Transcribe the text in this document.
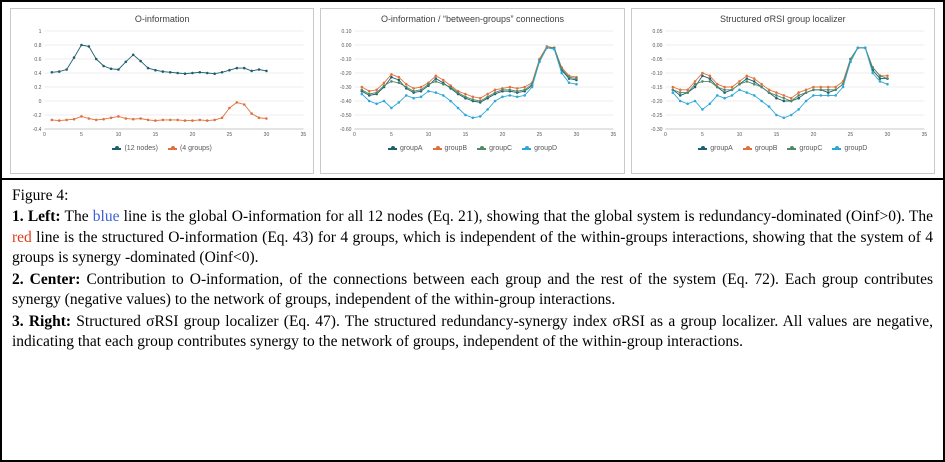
O-information
-0.4
-0.2
0
0.2
0.4
0.6
0.8
1
0	5	10	15	20	25	30	35
(12 nodes)	(4 groups)
O-information / “between-groups” connections
-0.60
-0.50
-0.40
-0.30
-0.20
-0.10
0.00
0.10
0	5	10	15	20	25	30	35
groupA	groupB	groupC	groupD
Structured σRSI group localizer
-0.30
-0.25
-0.20
-0.15
-0.10
-0.05
0.00
0.05
0	5	10	15	20	25	30	35
groupA	groupB	groupC	groupD
Figure 4:
1. Left: The blue line is the global O-information for all 12 nodes (Eq. 21), showing that the global system is redundancy-dominated (Oinf>0). The red line is the structured O-information (Eq. 43) for 4 groups, which is independent of the within-groups interactions, showing that the system of 4 groups is synergy -dominated (Oinf<0).
2. Center: Contribution to O-information, of the connections between each group and the rest of the system (Eq. 72). Each group contributes synergy (negative values) to the network of groups, independent of the within-group interactions.
3. Right: Structured σRSI group localizer (Eq. 47). The structured redundancy-synergy index σRSI as a group localizer. All values are negative, indicating that each group contributes synergy to the network of groups, independent of the within-group interactions.
